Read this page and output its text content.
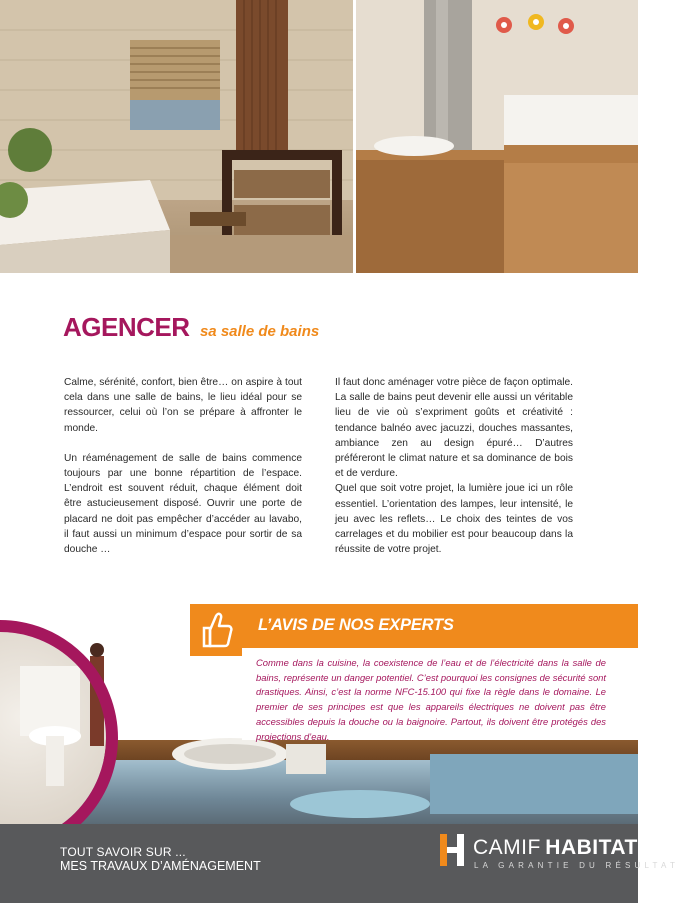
AGENCER sa salle de bains

Calme, sérénité, confort, bien être… on aspire à tout cela dans une salle de bains, le lieu idéal pour se ressourcer, celui où l’on se prépare à affronter le monde.

Un réaménagement de salle de bains commence toujours par une bonne répartition de l’espace. L’endroit est souvent réduit, chaque élément doit être astucieusement disposé. Ouvrir une porte de placard ne doit pas empêcher d’accéder au lavabo, il faut aussi un minimum d’espace pour sortir de sa douche …

Il faut donc aménager votre pièce de façon optimale. La salle de bains peut devenir elle aussi un véritable lieu de vie où s’expriment goûts et créativité : tendance balnéo avec jacuzzi, douches massantes, ambiance zen au design épuré… D’autres préféreront le climat nature et sa dominance de bois et de verdure.

Quel que soit votre projet, la lumière joue ici un rôle essentiel. L’orientation des lampes, leur intensité, le jeu avec les reflets… Le choix des teintes de vos carrelages et du mobilier est pour beaucoup dans la réussite de votre projet.

L’AVIS DE NOS EXPERTS
Comme dans la cuisine, la coexistence de l’eau et de l’électricité dans la salle de bains, représente un danger potentiel. C’est pourquoi les consignes de sécurité sont drastiques. Ainsi, c’est la norme NFC-15.100 qui fixe la règle dans le domaine. Le premier de ses principes est que les appareils électriques ne doivent pas être accessibles depuis la douche ou la baignoire. Partout, ils doivent être protégés des projections d’eau.
TOUT SAVOIR SUR ...
MES TRAVAUX D’AMÉNAGEMENT
CAMIF HABITAT
LA GARANTIE DU RÉSULTAT
